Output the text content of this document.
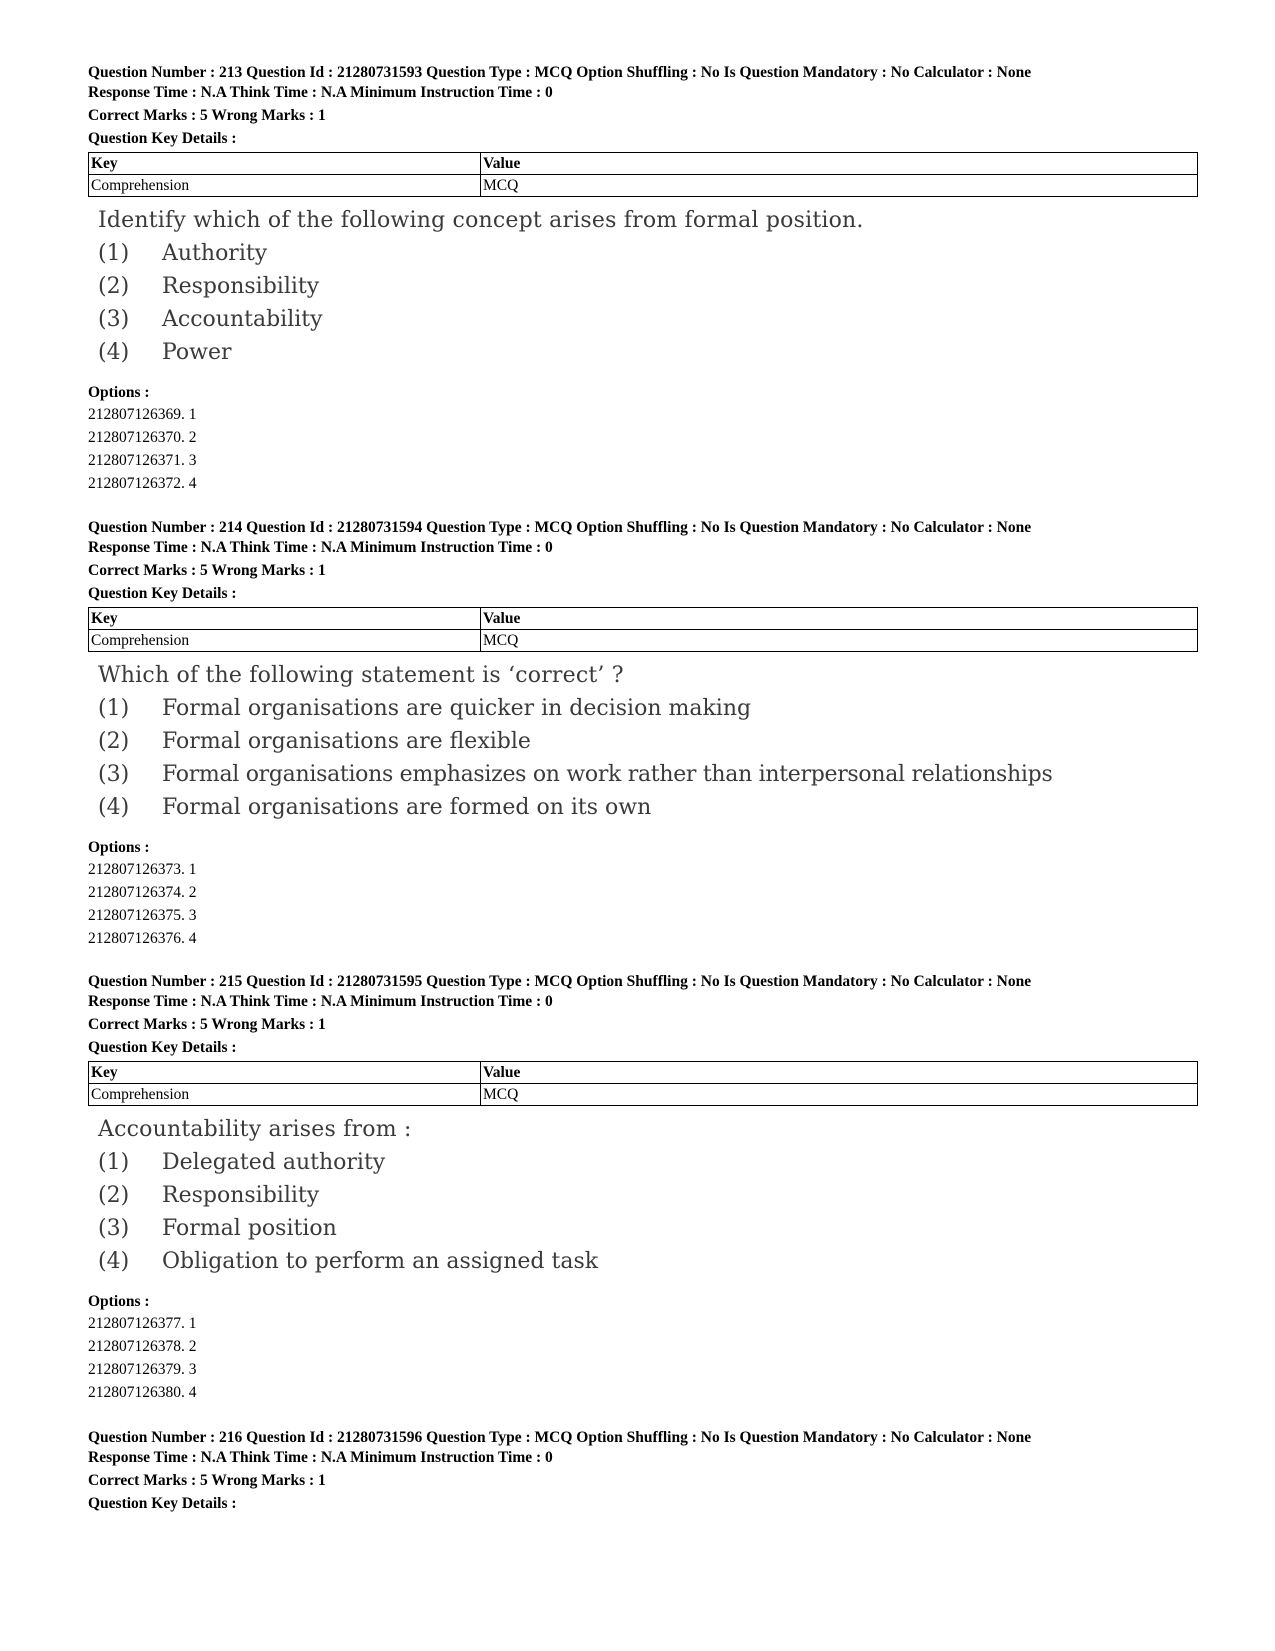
Question Number : 213 Question Id : 21280731593 Question Type : MCQ Option Shuffling : No Is Question Mandatory : No Calculator : None
Response Time : N.A Think Time : N.A Minimum Instruction Time : 0
Correct Marks : 5 Wrong Marks : 1
Question Key Details :
Key	Value
Comprehension	MCQ
Identify which of the following concept arises from formal position.
(1)	Authority
(2)	Responsibility
(3)	Accountability
(4)	Power
Options :
212807126369. 1
212807126370. 2
212807126371. 3
212807126372. 4
Question Number : 214 Question Id : 21280731594 Question Type : MCQ Option Shuffling : No Is Question Mandatory : No Calculator : None
Response Time : N.A Think Time : N.A Minimum Instruction Time : 0
Correct Marks : 5 Wrong Marks : 1
Question Key Details :
Key	Value
Comprehension	MCQ
Which of the following statement is ‘correct’ ?
(1)	Formal organisations are quicker in decision making
(2)	Formal organisations are flexible
(3)	Formal organisations emphasizes on work rather than interpersonal relationships
(4)	Formal organisations are formed on its own
Options :
212807126373. 1
212807126374. 2
212807126375. 3
212807126376. 4
Question Number : 215 Question Id : 21280731595 Question Type : MCQ Option Shuffling : No Is Question Mandatory : No Calculator : None
Response Time : N.A Think Time : N.A Minimum Instruction Time : 0
Correct Marks : 5 Wrong Marks : 1
Question Key Details :
Key	Value
Comprehension	MCQ
Accountability arises from :
(1)	Delegated authority
(2)	Responsibility
(3)	Formal position
(4)	Obligation to perform an assigned task
Options :
212807126377. 1
212807126378. 2
212807126379. 3
212807126380. 4
Question Number : 216 Question Id : 21280731596 Question Type : MCQ Option Shuffling : No Is Question Mandatory : No Calculator : None
Response Time : N.A Think Time : N.A Minimum Instruction Time : 0
Correct Marks : 5 Wrong Marks : 1
Question Key Details :
